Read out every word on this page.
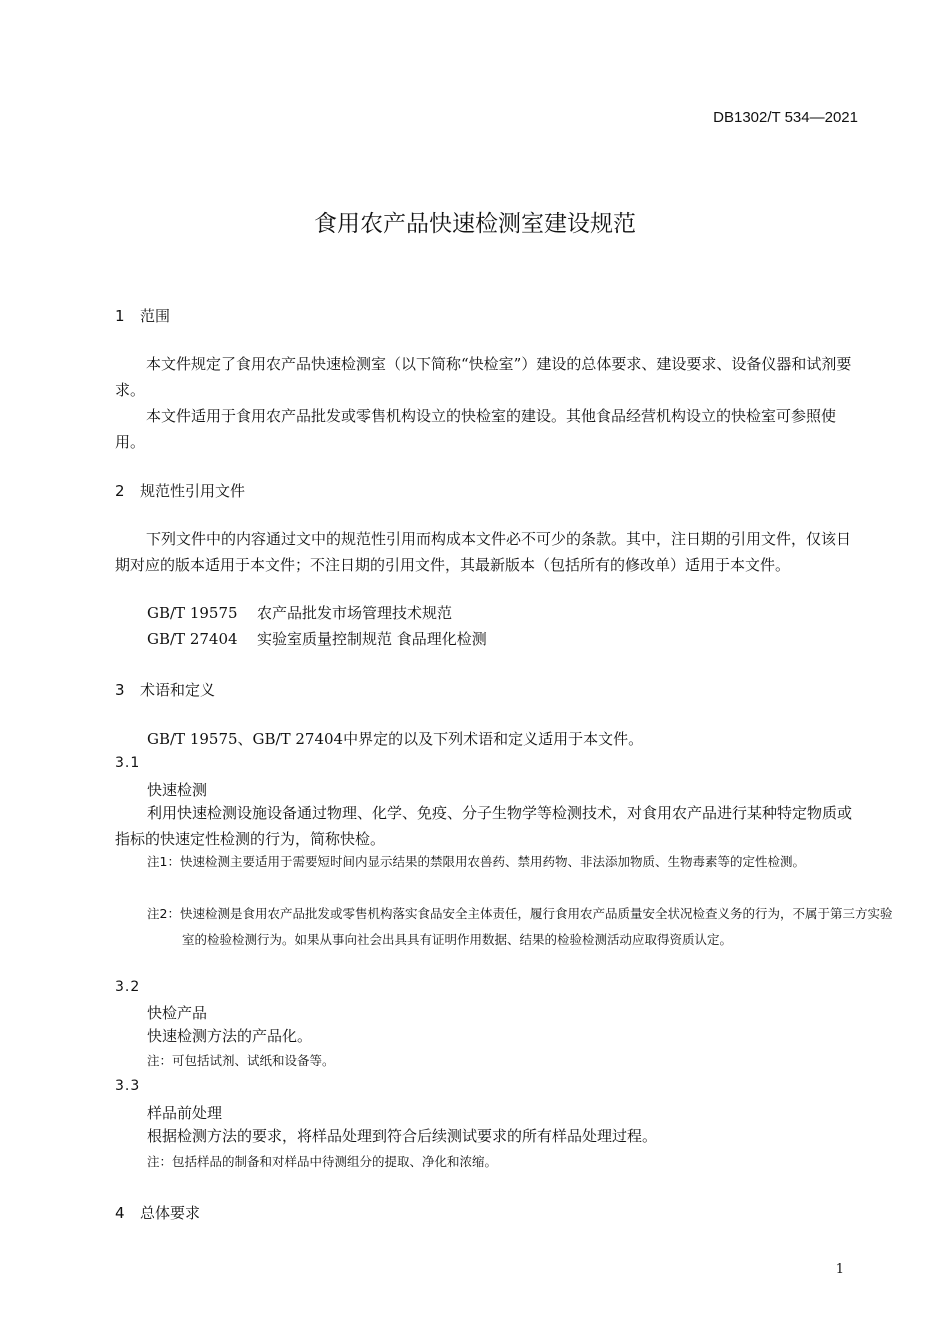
DB1302/T 534—2021
食用农产品快速检测室建设规范
1 范围
本文件规定了食用农产品快速检测室（以下简称“快检室”）建设的总体要求、建设要求、设备仪器和试剂要求。
本文件适用于食用农产品批发或零售机构设立的快检室的建设。其他食品经营机构设立的快检室可参照使用。
2 规范性引用文件
下列文件中的内容通过文中的规范性引用而构成本文件必不可少的条款。其中，注日期的引用文件，仅该日期对应的版本适用于本文件；不注日期的引用文件，其最新版本（包括所有的修改单）适用于本文件。
GB/T 19575 农产品批发市场管理技术规范
GB/T 27404 实验室质量控制规范 食品理化检测
3 术语和定义
GB/T 19575、GB/T 27404中界定的以及下列术语和定义适用于本文件。
3.1
快速检测
利用快速检测设施设备通过物理、化学、免疫、分子生物学等检测技术，对食用农产品进行某种特定物质或指标的快速定性检测的行为，简称快检。
注1：快速检测主要适用于需要短时间内显示结果的禁限用农兽药、禁用药物、非法添加物质、生物毒素等的定性检测。
注2：快速检测是食用农产品批发或零售机构落实食品安全主体责任，履行食用农产品质量安全状况检查义务的行为，不属于第三方实验室的检验检测行为。如果从事向社会出具具有证明作用数据、结果的检验检测活动应取得资质认定。
3.2
快检产品
快速检测方法的产品化。
注：可包括试剂、试纸和设备等。
3.3
样品前处理
根据检测方法的要求，将样品处理到符合后续测试要求的所有样品处理过程。
注：包括样品的制备和对样品中待测组分的提取、净化和浓缩。
4 总体要求
1
